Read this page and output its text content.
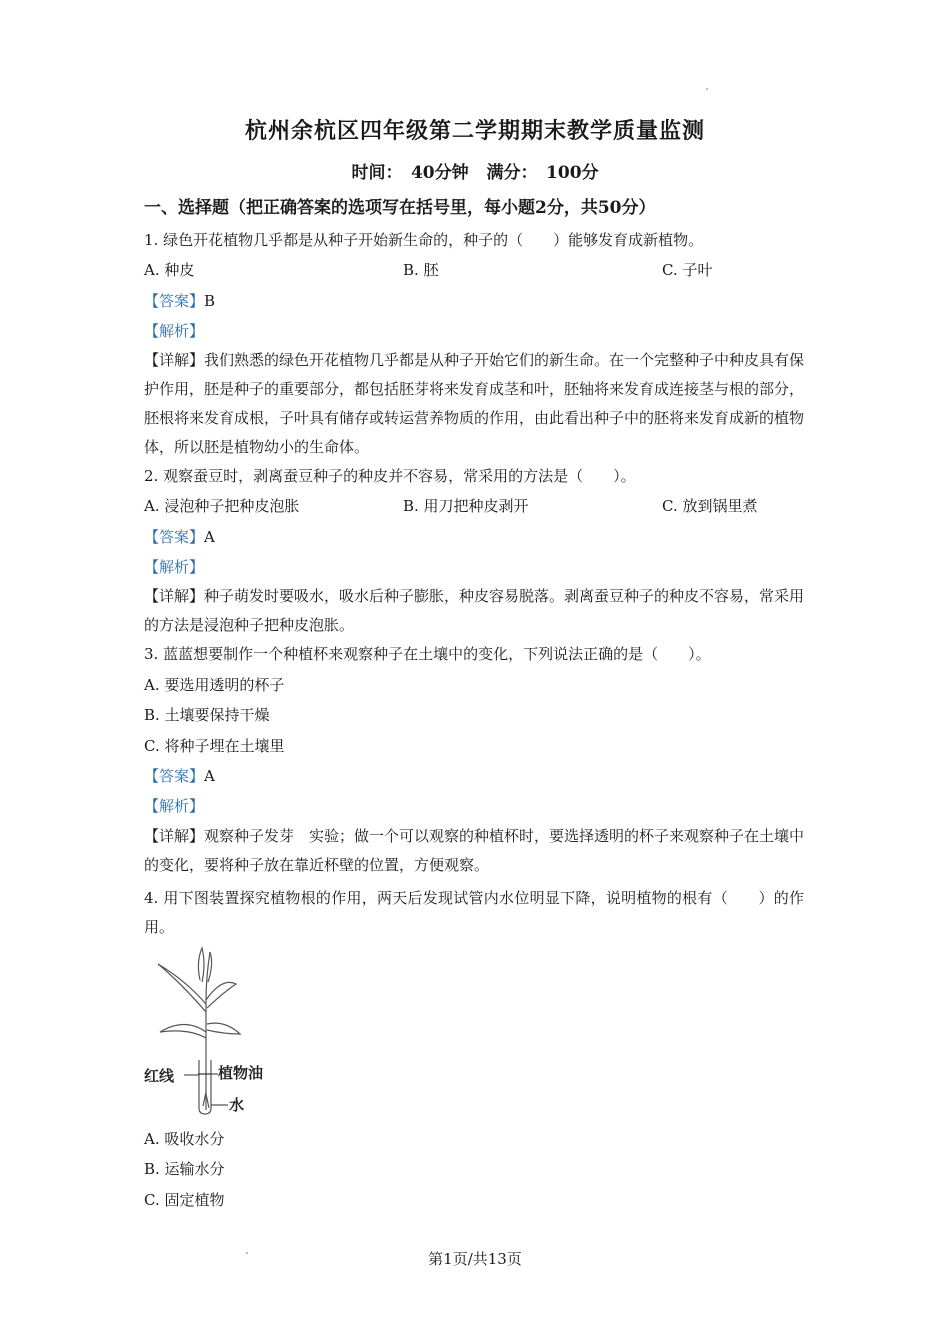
杭州余杭区四年级第二学期期末教学质量监测
时间：　40分钟 满分：　100分
一、选择题（把正确答案的选项写在括号里，每小题2分，共50分）
1. 绿色开花植物几乎都是从种子开始新生命的，种子的（　　）能够发育成新植物。
A. 种皮	B. 胚	C. 子叶
【答案】B
【解析】
【详解】我们熟悉的绿色开花植物几乎都是从种子开始它们的新生命。在一个完整种子中种皮具有保护作用，胚是种子的重要部分，都包括胚芽将来发育成茎和叶，胚轴将来发育成连接茎与根的部分，胚根将来发育成根，子叶具有储存或转运营养物质的作用，由此看出种子中的胚将来发育成新的植物体，所以胚是植物幼小的生命体。
2. 观察蚕豆时，剥离蚕豆种子的种皮并不容易，常采用的方法是（　　）。
A. 浸泡种子把种皮泡胀	B. 用刀把种皮剥开	C. 放到锅里煮
【答案】A
【解析】
【详解】种子萌发时要吸水，吸水后种子膨胀，种皮容易脱落。剥离蚕豆种子的种皮不容易，常采用的方法是浸泡种子把种皮泡胀。
3. 蓝蓝想要制作一个种植杯来观察种子在土壤中的变化，下列说法正确的是（　　）。
A. 要选用透明的杯子
B. 土壤要保持干燥
C. 将种子埋在土壤里
【答案】A
【解析】
【详解】观察种子发芽　实验；做一个可以观察的种植杯时，要选择透明的杯子来观察种子在土壤中的变化，要将种子放在靠近杯壁的位置，方便观察。
4. 用下图装置探究植物根的作用，两天后发现试管内水位明显下降，说明植物的根有（　　）的作用。
红线	植物油
水
A. 吸收水分
B. 运输水分
C. 固定植物
第1页/共13页
